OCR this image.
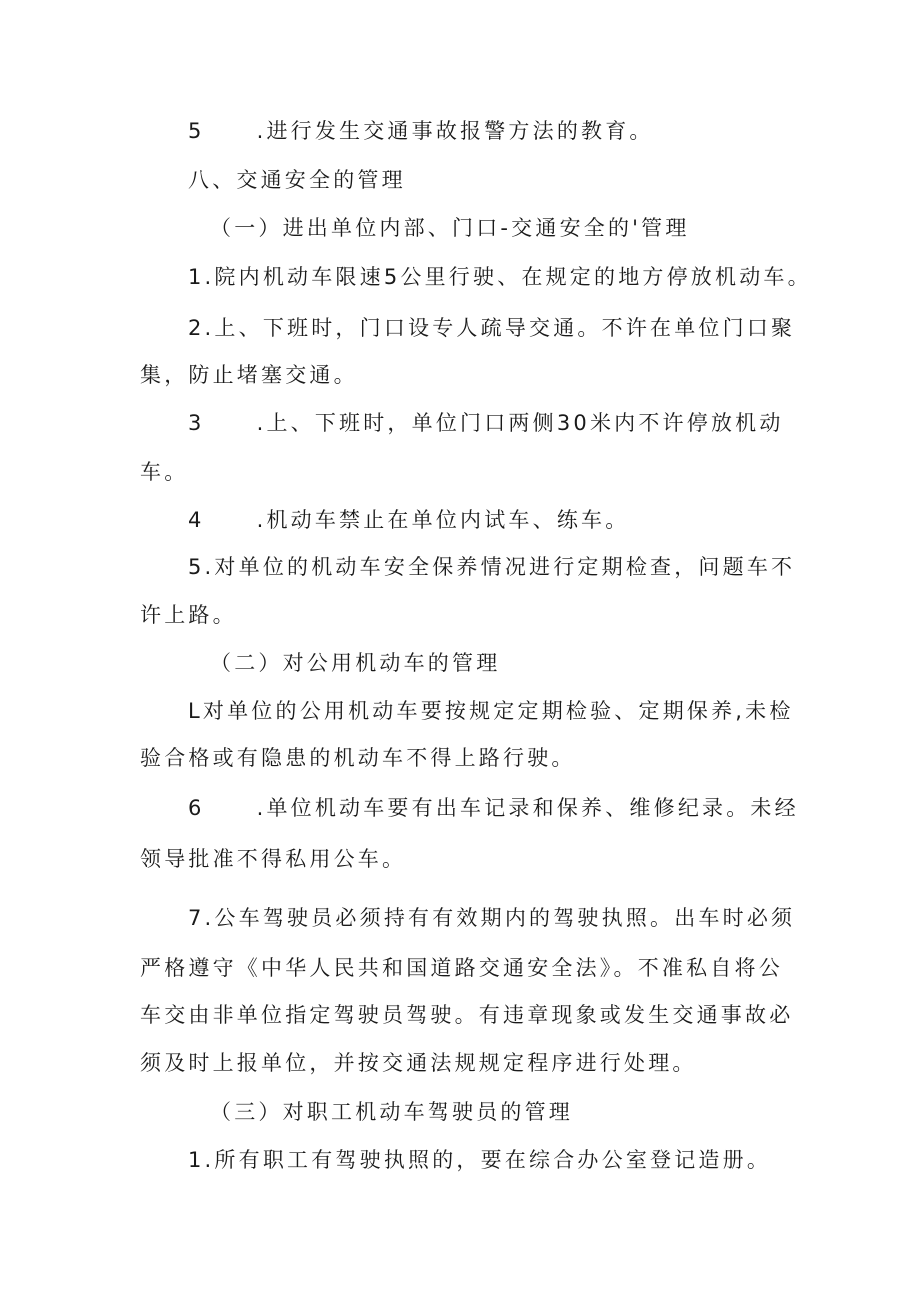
5 .进行发生交通事故报警方法的教育。
八、交通安全的管理
（一）进出单位内部、门口-交通安全的'管理
1.院内机动车限速5公里行驶、在规定的地方停放机动车。
2.上、下班时，门口设专人疏导交通。不许在单位门口聚
集，防止堵塞交通。
3 .上、下班时，单位门口两侧30米内不许停放机动
车。
4 .机动车禁止在单位内试车、练车。
5.对单位的机动车安全保养情况进行定期检查，问题车不
许上路。
（二）对公用机动车的管理
L对单位的公用机动车要按规定定期检验、定期保养,未检
验合格或有隐患的机动车不得上路行驶。
6 .单位机动车要有出车记录和保养、维修纪录。未经
领导批准不得私用公车。
7.公车驾驶员必须持有有效期内的驾驶执照。出车时必须
严格遵守《中华人民共和国道路交通安全法》。不准私自将公
车交由非单位指定驾驶员驾驶。有违章现象或发生交通事故必
须及时上报单位，并按交通法规规定程序进行处理。
（三）对职工机动车驾驶员的管理
1.所有职工有驾驶执照的，要在综合办公室登记造册。
